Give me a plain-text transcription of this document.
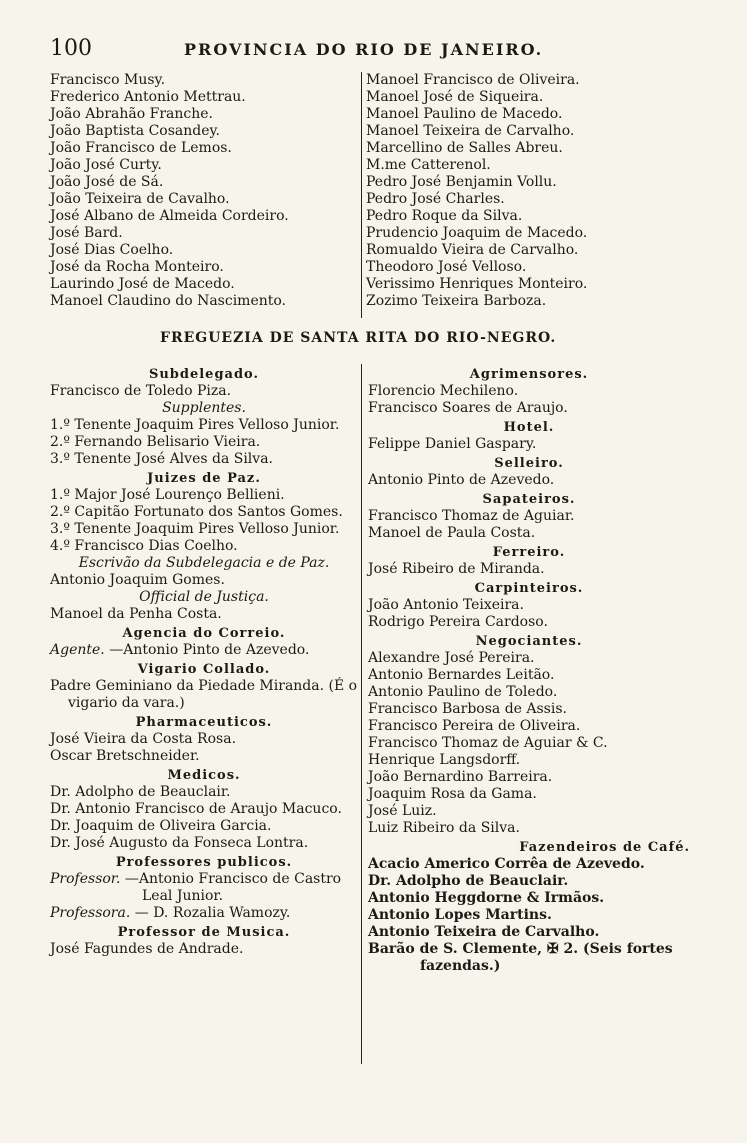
100	PROVINCIA DO RIO DE JANEIRO.
Francisco Musy.
Frederico Antonio Mettrau.
João Abrahão Franche.
João Baptista Cosandey.
João Francisco de Lemos.
João José Curty.
João José de Sá.
João Teixeira de Cavalho.
José Albano de Almeida Cordeiro.
José Bard.
José Dias Coelho.
José da Rocha Monteiro.
Laurindo José de Macedo.
Manoel Claudino do Nascimento.
Manoel Francisco de Oliveira.
Manoel José de Siqueira.
Manoel Paulino de Macedo.
Manoel Teixeira de Carvalho.
Marcellino de Salles Abreu.
M.me Catterenol.
Pedro José Benjamin Vollu.
Pedro José Charles.
Pedro Roque da Silva.
Prudencio Joaquim de Macedo.
Romualdo Vieira de Carvalho.
Theodoro José Velloso.
Verissimo Henriques Monteiro.
Zozimo Teixeira Barboza.
FREGUEZIA DE SANTA RITA DO RIO-NEGRO.
Subdelegado.
Francisco de Toledo Piza.
Supplentes.
1.º Tenente Joaquim Pires Velloso Junior.
2.º Fernando Belisario Vieira.
3.º Tenente José Alves da Silva.
Juizes de Paz.
1.º Major José Lourenço Bellieni.
2.º Capitão Fortunato dos Santos Gomes.
3.º Tenente Joaquim Pires Velloso Junior.
4.º Francisco Dias Coelho.
Escrivão da Subdelegacia e de Paz.
Antonio Joaquim Gomes.
Official de Justiça.
Manoel da Penha Costa.
Agencia do Correio.
Agente. —Antonio Pinto de Azevedo.
Vigario Collado.
Padre Geminiano da Piedade Miranda. (É o
vigario da vara.)
Pharmaceuticos.
José Vieira da Costa Rosa.
Oscar Bretschneider.
Medicos.
Dr. Adolpho de Beauclair.
Dr. Antonio Francisco de Araujo Macuco.
Dr. Joaquim de Oliveira Garcia.
Dr. José Augusto da Fonseca Lontra.
Professores publicos.
Professor. —Antonio Francisco de Castro
Leal Junior.
Professora. — D. Rozalia Wamozy.
Professor de Musica.
José Fagundes de Andrade.
Agrimensores.
Florencio Mechileno.
Francisco Soares de Araujo.
Hotel.
Felippe Daniel Gaspary.
Selleiro.
Antonio Pinto de Azevedo.
Sapateiros.
Francisco Thomaz de Aguiar.
Manoel de Paula Costa.
Ferreiro.
José Ribeiro de Miranda.
Carpinteiros.
João Antonio Teixeira.
Rodrigo Pereira Cardoso.
Negociantes.
Alexandre José Pereira.
Antonio Bernardes Leitão.
Antonio Paulino de Toledo.
Francisco Barbosa de Assis.
Francisco Pereira de Oliveira.
Francisco Thomaz de Aguiar & C.
Henrique Langsdorff.
João Bernardino Barreira.
Joaquim Rosa da Gama.
José Luiz.
Luiz Ribeiro da Silva.
Fazendeiros de Café.
Acacio Americo Corrêa de Azevedo.
Dr. Adolpho de Beauclair.
Antonio Heggdorne & Irmãos.
Antonio Lopes Martins.
Antonio Teixeira de Carvalho.
Barão de S. Clemente, ✠ 2. (Seis fortes
fazendas.)
